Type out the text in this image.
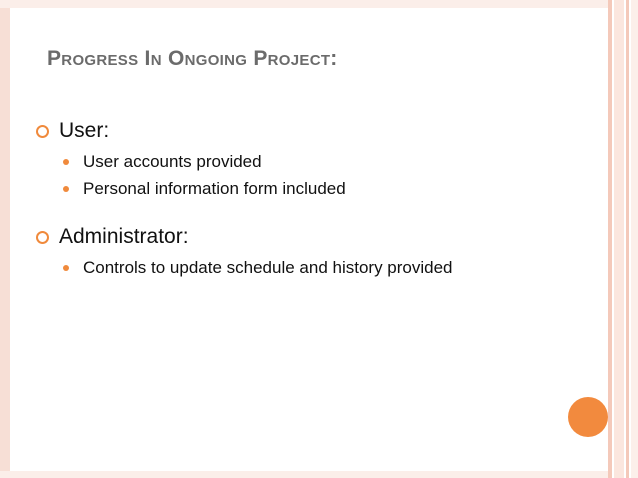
Progress In Ongoing Project:
User:
User accounts provided
Personal information form included
Administrator:
Controls to update schedule and history provided
